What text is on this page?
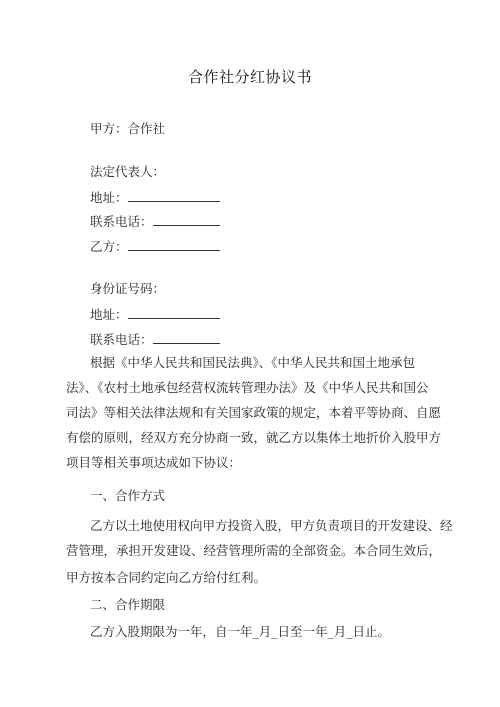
合作社分红协议书
甲方：合作社
法定代表人：
地址：
联系电话：
乙方：
身份证号码：
地址：
联系电话：
根据《中华人民共和国民法典》、《中华人民共和国土地承包
法》、《农村土地承包经营权流转管理办法》及《中华人民共和国公
司法》等相关法律法规和有关国家政策的规定，本着平等协商、自愿
有偿的原则，经双方充分协商一致，就乙方以集体土地折价入股甲方
项目等相关事项达成如下协议：
一、合作方式
乙方以土地使用权向甲方投资入股，甲方负责项目的开发建设、经
营管理，承担开发建设、经营管理所需的全部资金。本合同生效后，
甲方按本合同约定向乙方给付红利。
二、合作期限
乙方入股期限为一年，自一年_月_日至一年_月_日止。
